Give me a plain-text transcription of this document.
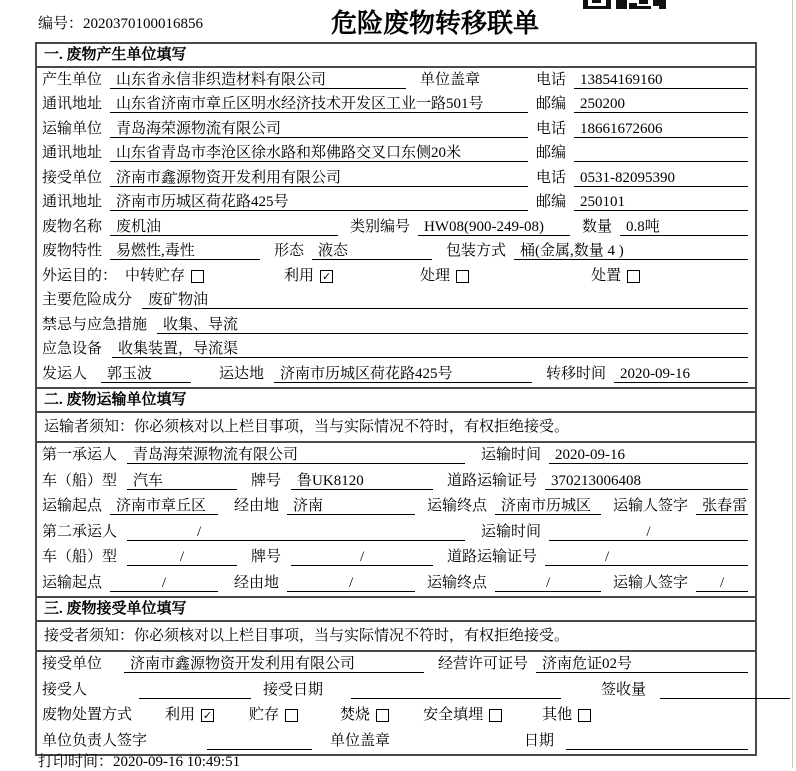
编号：2020370100016856	危险废物转移联单
一. 废物产生单位填写
产生单位 山东省永信非织造材料有限公司	单位盖章	电话 13854169160
通讯地址 山东省济南市章丘区明水经济技术开发区工业一路501号	邮编 250200
运输单位 青岛海荣源物流有限公司	电话 18661672606
通讯地址 山东省青岛市李沧区徐水路和郑佛路交叉口东侧20米	邮编
接受单位 济南市鑫源物资开发利用有限公司	电话 0531-82095390
通讯地址 济南市历城区荷花路425号	邮编 250101
废物名称 废机油	类别编号 HW08(900-249-08)	数量 0.8吨
废物特性 易燃性,毒性	形态 液态	包装方式 桶(金属,数量 4 )
外运目的： 中转贮存	利用 ✓	处理	处置
主要危险成分	废矿物油
禁忌与应急措施	收集、导流
应急设备	收集装置，导流渠
发运人	郭玉波	运达地	济南市历城区荷花路425号	转移时间 2020-09-16
二. 废物运输单位填写
运输者须知：你必须核对以上栏目事项，当与实际情况不符时，有权拒绝接受。
第一承运人	青岛海荣源物流有限公司	运输时间 2020-09-16
车（船）型	汽车	牌号	鲁UK8120	道路运输证号 370213006408
运输起点 济南市章丘区	经由地 济南	运输终点 济南市历城区	运输人签字 张春雷
第二承运人	/	运输时间	/
车（船）型	/	牌号	/	道路运输证号	/
运输起点	/	经由地	/	运输终点	/	运输人签字	/
三. 废物接受单位填写
接受者须知：你必须核对以上栏目事项，当与实际情况不符时，有权拒绝接受。
接受单位	济南市鑫源物资开发利用有限公司	经营许可证号 济南危证02号
接受人	接受日期	签收量
废物处置方式 利用 ✓ 贮存	焚烧	安全填埋	其他
单位负责人签字	单位盖章	日期
打印时间：2020-09-16 10:49:51
